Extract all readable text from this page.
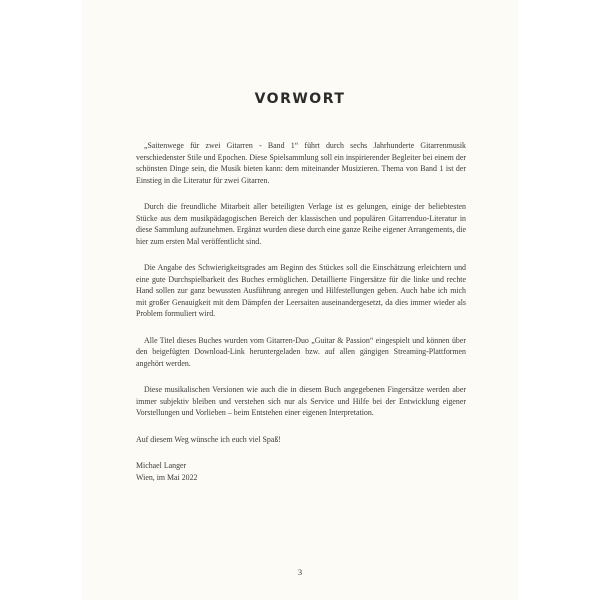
VORWORT

„Saitenwege für zwei Gitarren - Band 1“ führt durch sechs Jahrhunderte Gitarrenmusik verschiedenster Stile und Epochen. Diese Spielsammlung soll ein inspirierender Begleiter bei einem der schönsten Dinge sein, die Musik bieten kann: dem miteinander Musizieren. Thema von Band 1 ist der Einstieg in die Literatur für zwei Gitarren.

Durch die freundliche Mitarbeit aller beteiligten Verlage ist es gelungen, einige der beliebtesten Stücke aus dem musikpädagogischen Bereich der klassischen und populären Gitarrenduo-Literatur in diese Sammlung aufzunehmen. Ergänzt wurden diese durch eine ganze Reihe eigener Arrangements, die hier zum ersten Mal veröffentlicht sind.

Die Angabe des Schwierigkeitsgrades am Beginn des Stückes soll die Einschätzung erleichtern und eine gute Durchspielbarkeit des Buches ermöglichen. Detaillierte Fingersätze für die linke und rechte Hand sollen zur ganz bewussten Ausführung anregen und Hilfestellungen geben. Auch habe ich mich mit großer Genauigkeit mit dem Dämpfen der Leersaiten auseinandergesetzt, da dies immer wieder als Problem formuliert wird.

Alle Titel dieses Buches wurden vom Gitarren-Duo „Guitar & Passion“ eingespielt und können über den beigefügten Download-Link heruntergeladen bzw. auf allen gängigen Streaming-Plattformen angehört werden.

Diese musikalischen Versionen wie auch die in diesem Buch angegebenen Fingersätze werden aber immer subjektiv bleiben und verstehen sich nur als Service und Hilfe bei der Entwicklung eigener Vorstellungen und Vorlieben – beim Entstehen einer eigenen Interpretation.

Auf diesem Weg wünsche ich euch viel Spaß!

Michael Langer

Wien, im Mai 2022

3
